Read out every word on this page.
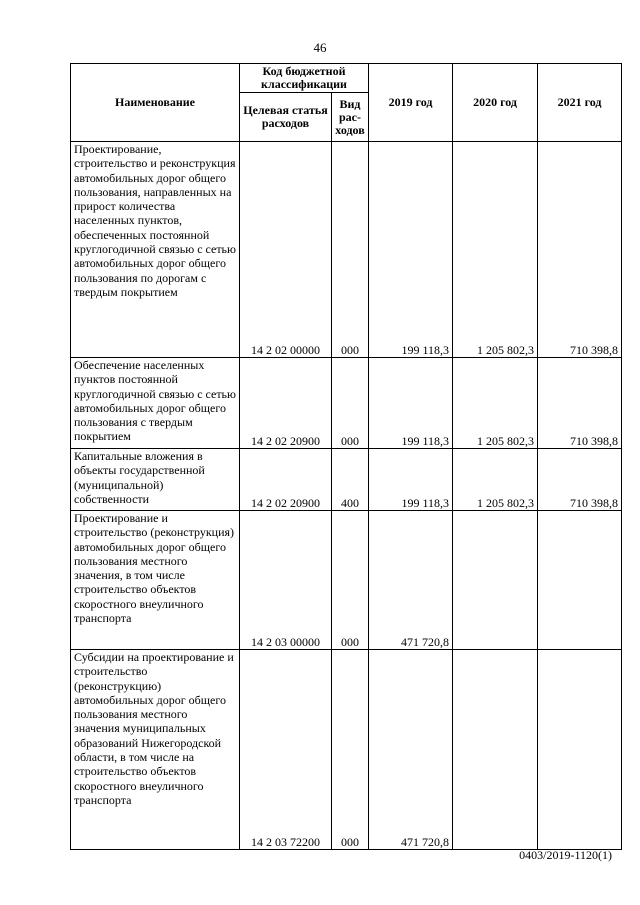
46
Наименование	Код бюджетной классификации		2019 год	2020 год	2021 год
	Целевая статья расходов	Вид рас-ходов			
Проектирование, строительство и реконструкция автомобильных дорог общего пользования, направленных на прирост количества населенных пунктов, обеспеченных постоянной круглогодичной связью с сетью автомобильных дорог общего пользования по дорогам с твердым покрытием	14 2 02 00000	000	199 118,3	1 205 802,3	710 398,8
Обеспечение населенных пунктов постоянной круглогодичной связью с сетью автомобильных дорог общего пользования с твердым покрытием	14 2 02 20900	000	199 118,3	1 205 802,3	710 398,8
Капитальные вложения в объекты государственной (муниципальной) собственности	14 2 02 20900	400	199 118,3	1 205 802,3	710 398,8
Проектирование и строительство (реконструкция) автомобильных дорог общего пользования местного значения, в том числе строительство объектов скоростного внеуличного транспорта	14 2 03 00000	000	471 720,8		
Субсидии на проектирование и строительство (реконструкцию) автомобильных дорог общего пользования местного значения муниципальных образований Нижегородской области, в том числе на строительство объектов скоростного внеуличного транспорта	14 2 03 72200	000	471 720,8		
0403/2019-1120(1)
